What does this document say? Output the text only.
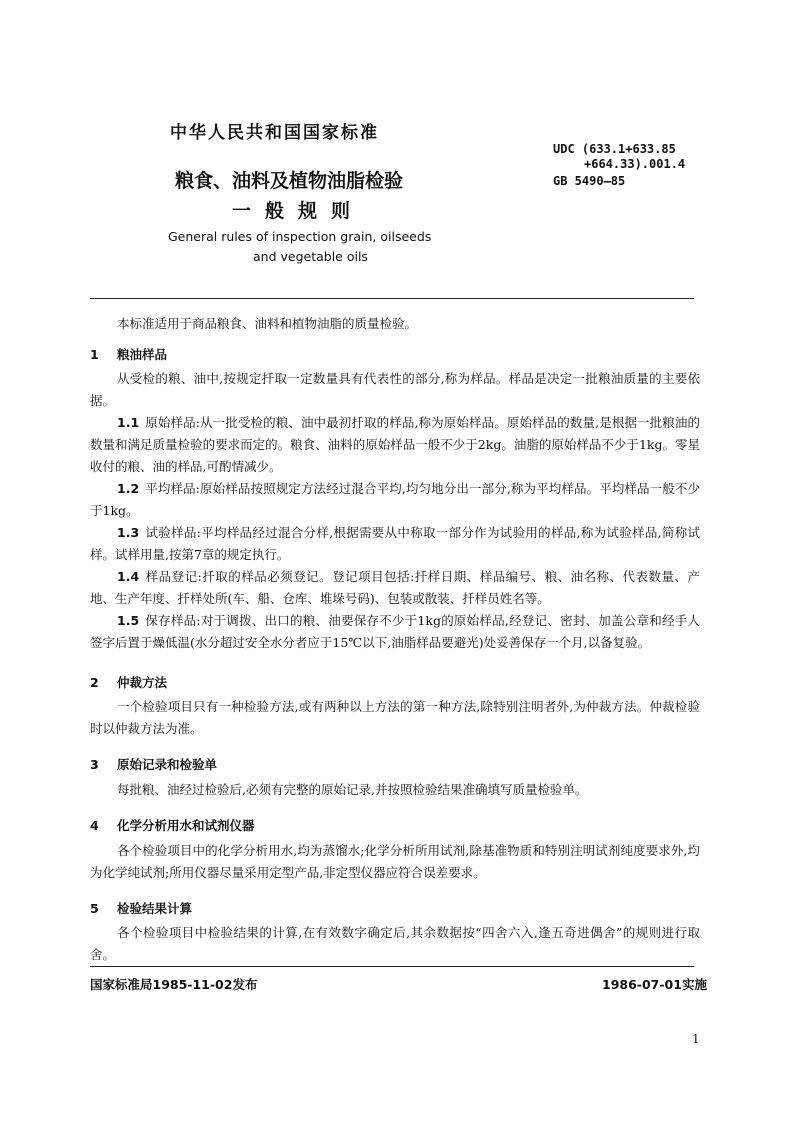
中华人民共和国国家标准
UDC (633.1+633.85
+664.33).001.4
GB 5490—85
粮食、油料及植物油脂检验
一般规则
General rules of inspection grain, oilseeds
and vegetable oils
本标准适用于商品粮食、油料和植物油脂的质量检验。
1 粮油样品
从受检的粮、油中,按规定扦取一定数量具有代表性的部分,称为样品。样品是决定一批粮油质量的主要依据。
1.1 原始样品:从一批受检的粮、油中最初扦取的样品,称为原始样品。原始样品的数量,是根据一批粮油的数量和满足质量检验的要求而定的。粮食、油料的原始样品一般不少于2kg。油脂的原始样品不少于1kg。零星收付的粮、油的样品,可酌情减少。
1.2 平均样品:原始样品按照规定方法经过混合平均,均匀地分出一部分,称为平均样品。平均样品一般不少于1kg。
1.3 试验样品:平均样品经过混合分样,根据需要从中称取一部分作为试验用的样品,称为试验样品,简称试样。试样用量,按第7章的规定执行。
1.4 样品登记:扦取的样品必须登记。登记项目包括:扦样日期、样品编号、粮、油名称、代表数量、产地、生产年度、扦样处所(车、船、仓库、堆垛号码)、包装或散装、扦样员姓名等。
1.5 保存样品:对于调拨、出口的粮、油要保存不少于1kg的原始样品,经登记、密封、加盖公章和经手人签字后置于燥低温(水分超过安全水分者应于15℃以下,油脂样品要避光)处妥善保存一个月,以备复验。
2 仲裁方法
一个检验项目只有一种检验方法,或有两种以上方法的第一种方法,除特别注明者外,为仲裁方法。仲裁检验时以仲裁方法为准。
3 原始记录和检验单
每批粮、油经过检验后,必须有完整的原始记录,并按照检验结果准确填写质量检验单。
4 化学分析用水和试剂仪器
各个检验项目中的化学分析用水,均为蒸馏水;化学分析所用试剂,除基准物质和特别注明试剂纯度要求外,均为化学纯试剂;所用仪器尽量采用定型产品,非定型仪器应符合误差要求。
5 检验结果计算
各个检验项目中检验结果的计算,在有效数字确定后,其余数据按“四舍六入,逢五奇进偶舍”的规则进行取舍。
国家标准局1985-11-02发布	1986-07-01实施
1
